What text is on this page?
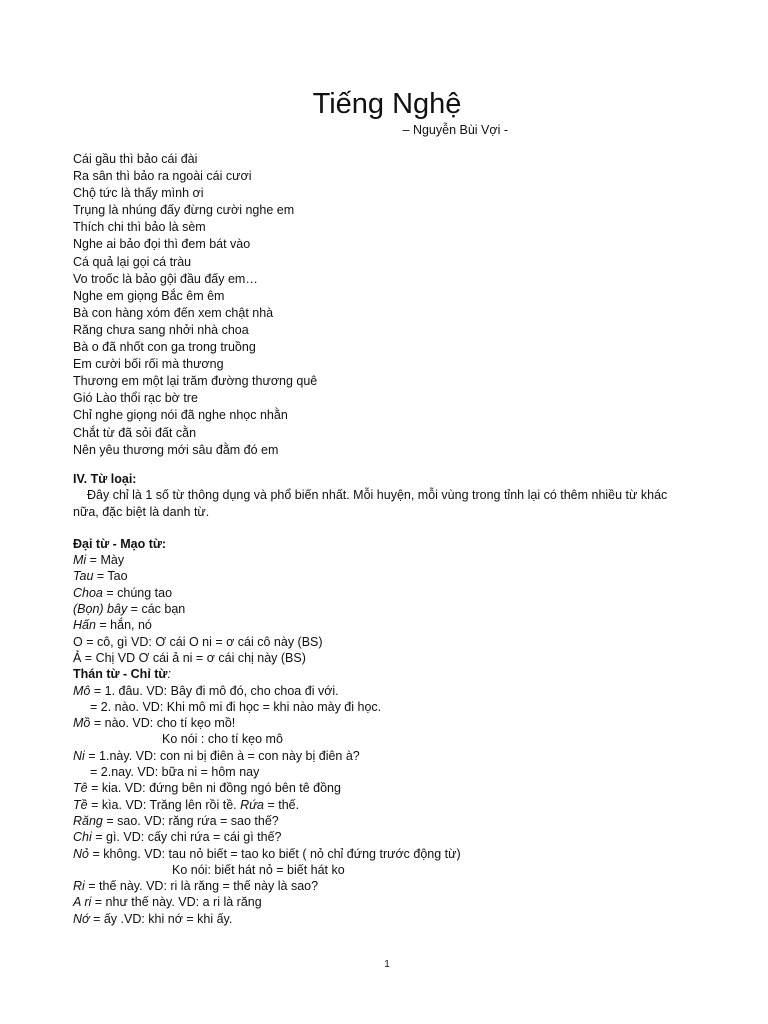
Tiếng Nghệ
– Nguyễn Bùi Vợi -
Cái gầu thì bảo cái đài
Ra sân thì bảo ra ngoài cái cươi
Chộ tức là thấy mình ơi
Trụng là nhúng đấy đừng cười nghe em
Thích chi thì bảo là sèm
Nghe ai bảo đọi thì đem bát vào
Cá quả lại gọi cá tràu
Vo troốc là bảo gội đầu đấy em…
Nghe em giọng Bắc êm êm
Bà con hàng xóm đến xem chật nhà
Răng chưa sang nhởi nhà choa
Bà o đã nhốt con ga trong truồng
Em cười bối rối mà thương
Thương em một lại trăm đường thương quê
Gió Lào thổi rạc bờ tre
Chỉ nghe giọng nói đã nghe nhọc nhằn
Chắt từ đã sỏi đất cằn
Nên yêu thương mới sâu đằm đó em
IV. Từ loại:
Đây chỉ là 1 số từ thông dụng và phổ biến nhất. Mỗi huyện, mỗi vùng trong tỉnh lại có thêm nhiều từ khác nữa, đặc biệt là danh từ.
Đại từ - Mạo từ:
Mi = Mày
Tau = Tao
Choa = chúng tao
(Bọn) bây = các bạn
Hấn = hắn, nó
O = cô, gì VD: Ơ cái O ni = ơ cái cô này (BS)
Ả = Chị VD Ơ cái ả ni = ơ cái chị này (BS)
Thán từ - Chỉ từ:
Mô = 1. đâu. VD: Bây đi mô đó, cho choa đi với.
= 2. nào. VD: Khi mô mi đi học = khi nào mày đi học.
Mồ = nào. VD: cho tí kẹo mồ!
Ko nói : cho tí kẹo mô
Ni = 1.này. VD: con ni bị điên à = con này bị điên à?
= 2.nay. VD: bữa ni = hôm nay
Tê = kia. VD: đứng bên ni đồng ngó bên tê đồng
Tề = kìa. VD: Trăng lên rồi tề. Rứa = thế.
Răng = sao. VD: răng rứa = sao thế?
Chi = gì. VD: cấy chi rứa = cái gì thế?
Nỏ = không. VD: tau nỏ biết = tao ko biết ( nỏ chỉ đứng trước động từ)
Ko nói: biết hát nỏ = biết hát ko
Ri = thế này. VD: ri là răng = thế này là sao?
A ri = như thế này. VD: a ri là răng
Nớ = ấy .VD: khi nớ = khi ấy.
1
